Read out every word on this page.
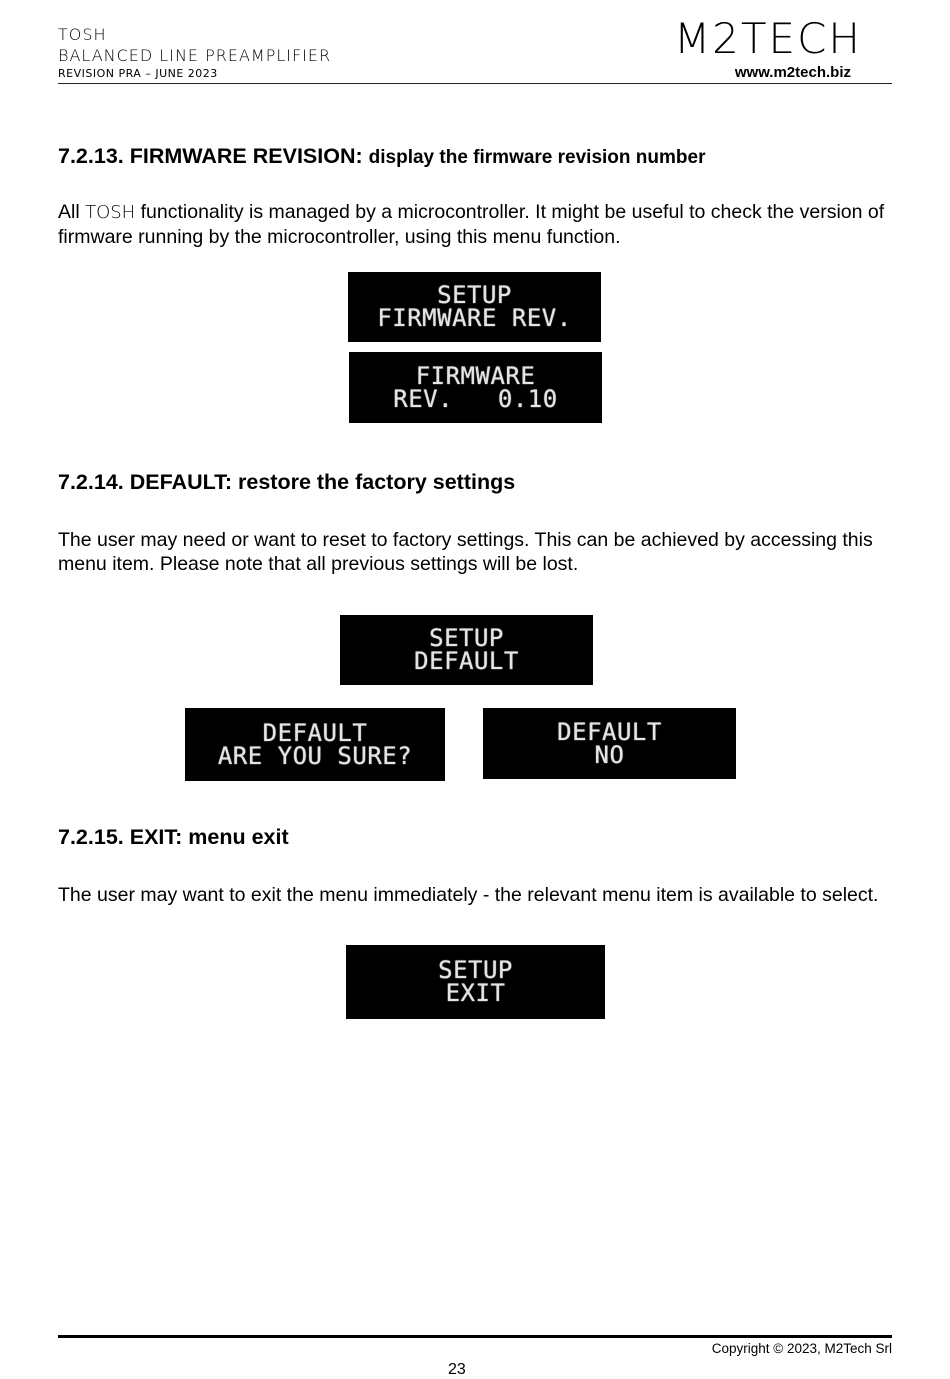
TOSH
BALANCED LINE PREAMPLIFIER
REVISION PRA – JUNE 2023
M2TECH
www.m2tech.biz
7.2.13. FIRMWARE REVISION: display the firmware revision number
All TOSH functionality is managed by a microcontroller. It might be useful to check the version of firmware running by the microcontroller, using this menu function.
SETUP
FIRMWARE REV.
FIRMWARE
REV.   0.10
7.2.14. DEFAULT: restore the factory settings
The user may need or want to reset to factory settings. This can be achieved by accessing this menu item. Please note that all previous settings will be lost.
SETUP
DEFAULT
DEFAULT
ARE YOU SURE?
DEFAULT
NO
7.2.15. EXIT: menu exit
The user may want to exit the menu immediately - the relevant menu item is available to select.
SETUP
EXIT
Copyright © 2023, M2Tech Srl
23
